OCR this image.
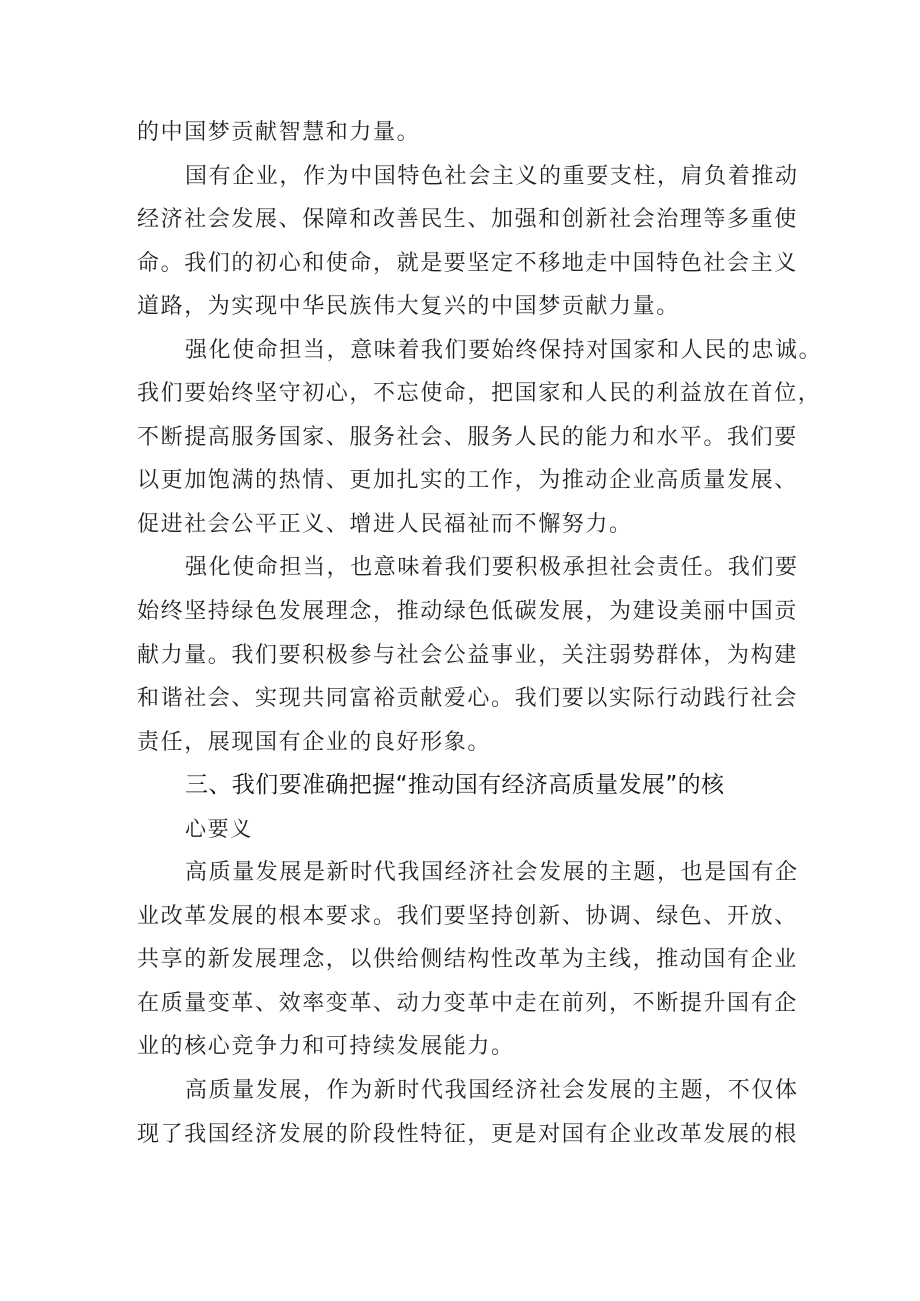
的中国梦贡献智慧和力量。
国有企业，作为中国特色社会主义的重要支柱，肩负着推动
经济社会发展、保障和改善民生、加强和创新社会治理等多重使
命。我们的初心和使命，就是要坚定不移地走中国特色社会主义
道路，为实现中华民族伟大复兴的中国梦贡献力量。
强化使命担当，意味着我们要始终保持对国家和人民的忠诚。
我们要始终坚守初心，不忘使命，把国家和人民的利益放在首位，
不断提高服务国家、服务社会、服务人民的能力和水平。我们要
以更加饱满的热情、更加扎实的工作，为推动企业高质量发展、
促进社会公平正义、增进人民福祉而不懈努力。
强化使命担当，也意味着我们要积极承担社会责任。我们要
始终坚持绿色发展理念，推动绿色低碳发展，为建设美丽中国贡
献力量。我们要积极参与社会公益事业，关注弱势群体，为构建
和谐社会、实现共同富裕贡献爱心。我们要以实际行动践行社会
责任，展现国有企业的良好形象。
三、我们要准确把握“推动国有经济高质量发展”的核
心要义
高质量发展是新时代我国经济社会发展的主题，也是国有企
业改革发展的根本要求。我们要坚持创新、协调、绿色、开放、
共享的新发展理念，以供给侧结构性改革为主线，推动国有企业
在质量变革、效率变革、动力变革中走在前列，不断提升国有企
业的核心竞争力和可持续发展能力。
高质量发展，作为新时代我国经济社会发展的主题，不仅体
现了我国经济发展的阶段性特征，更是对国有企业改革发展的根
